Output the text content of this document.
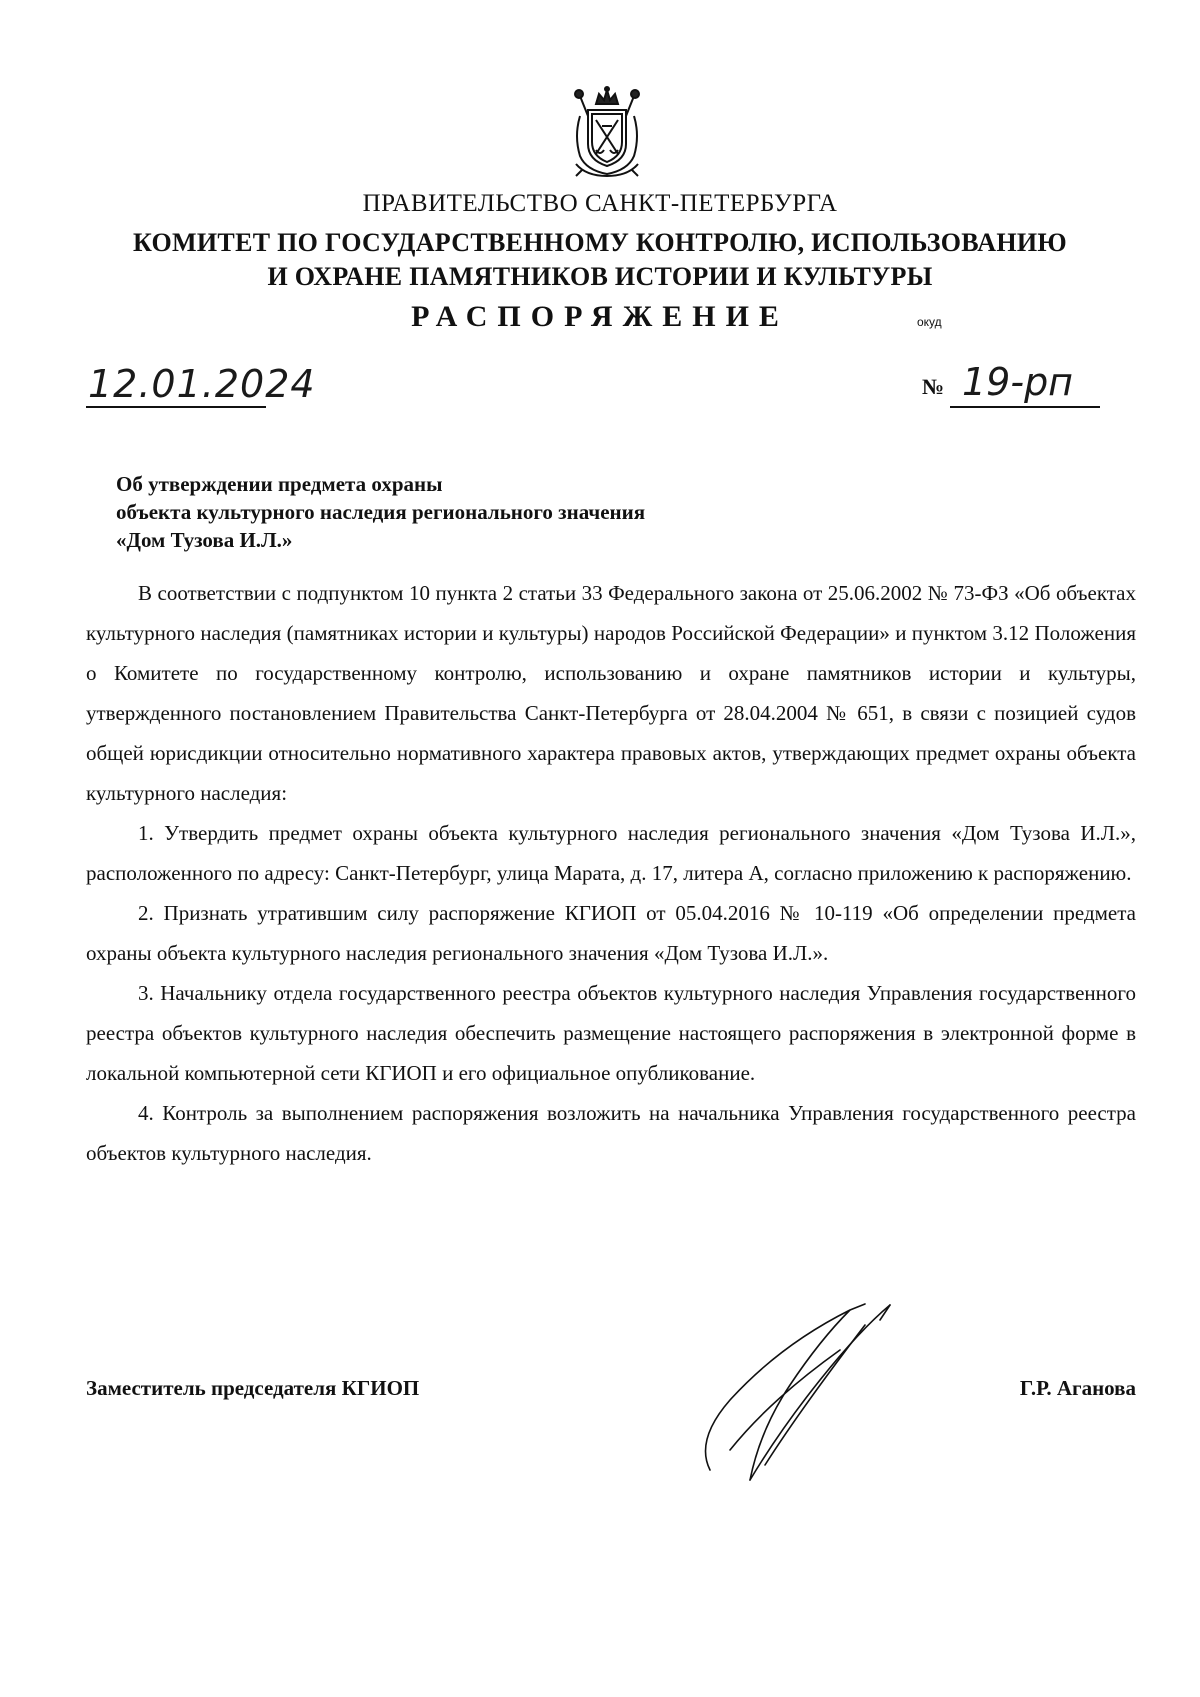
ПРАВИТЕЛЬСТВО САНКТ-ПЕТЕРБУРГА
КОМИТЕТ ПО ГОСУДАРСТВЕННОМУ КОНТРОЛЮ, ИСПОЛЬЗОВАНИЮ
И ОХРАНЕ ПАМЯТНИКОВ ИСТОРИИ И КУЛЬТУРЫ
РАСПОРЯЖЕНИЕ	окуд
12.01.2024	№ 19-рп
Об утверждении предмета охраны
объекта культурного наследия регионального значения
«Дом Тузова И.Л.»

В соответствии с подпунктом 10 пункта 2 статьи 33 Федерального закона от 25.06.2002 № 73-ФЗ «Об объектах культурного наследия (памятниках истории и культуры) народов Российской Федерации» и пунктом 3.12 Положения о Комитете по государственному контролю, использованию и охране памятников истории и культуры, утвержденного постановлением Правительства Санкт-Петербурга от 28.04.2004 № 651, в связи с позицией судов общей юрисдикции относительно нормативного характера правовых актов, утверждающих предмет охраны объекта культурного наследия:

1. Утвердить предмет охраны объекта культурного наследия регионального значения «Дом Тузова И.Л.», расположенного по адресу: Санкт-Петербург, улица Марата, д. 17, литера А, согласно приложению к распоряжению.

2. Признать утратившим силу распоряжение КГИОП от 05.04.2016 № 10-119 «Об определении предмета охраны объекта культурного наследия регионального значения «Дом Тузова И.Л.».

3. Начальнику отдела государственного реестра объектов культурного наследия Управления государственного реестра объектов культурного наследия обеспечить размещение настоящего распоряжения в электронной форме в локальной компьютерной сети КГИОП и его официальное опубликование.

4. Контроль за выполнением распоряжения возложить на начальника Управления государственного реестра объектов культурного наследия.

Заместитель председателя КГИОП	Г.Р. Аганова
